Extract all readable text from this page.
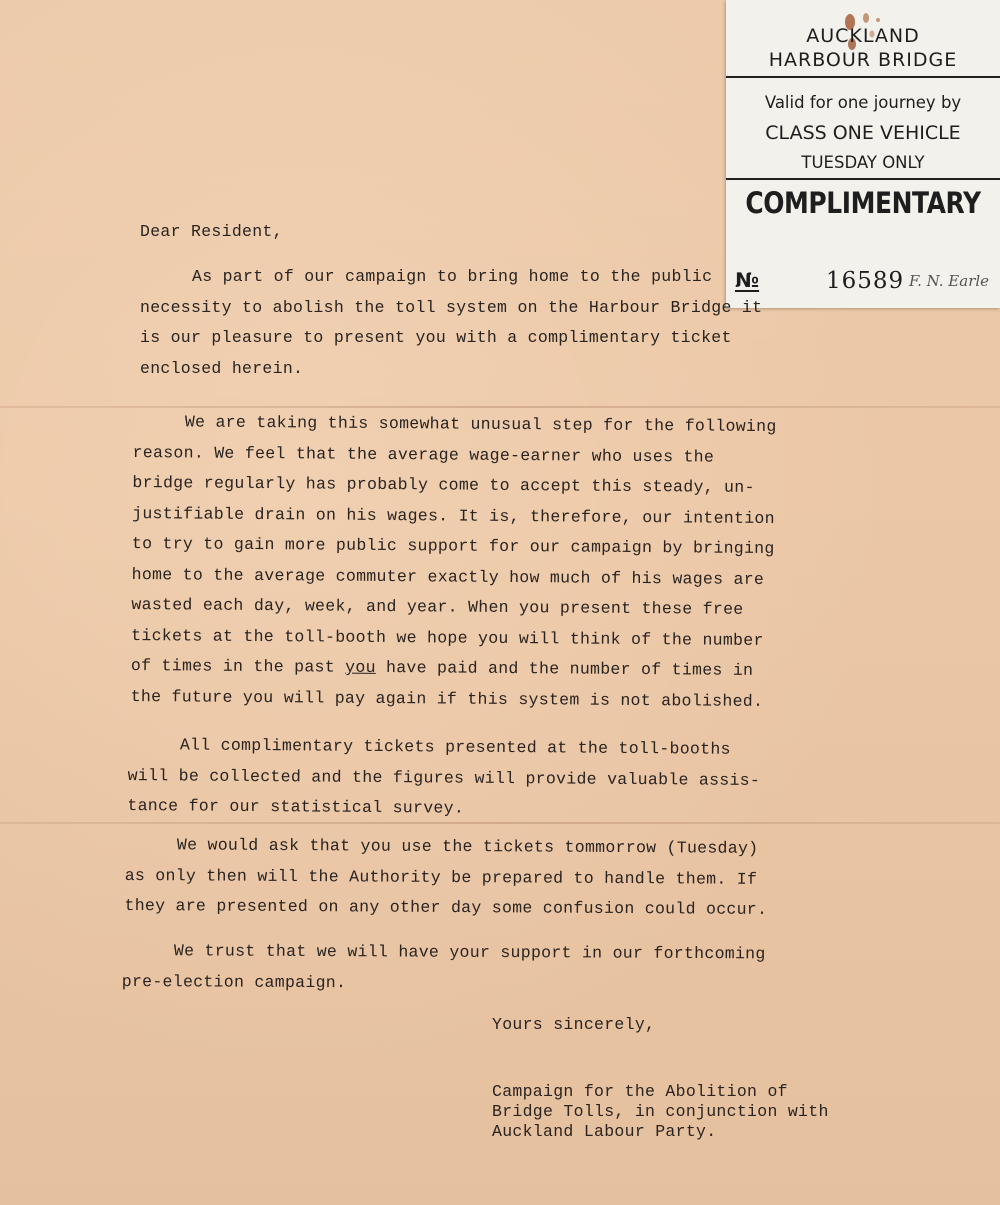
AUCKLAND
HARBOUR BRIDGE
Valid for one journey by
CLASS ONE VEHICLE
TUESDAY ONLY
COMPLIMENTARY
№	16589 F. N. Earle
Dear Resident,
As part of our campaign to bring home to the public
necessity to abolish the toll system on the Harbour Bridge it
is our pleasure to present you with a complimentary ticket
enclosed herein.
We are taking this somewhat unusual step for the following
reason. We feel that the average wage-earner who uses the
bridge regularly has probably come to accept this steady, un-
justifiable drain on his wages. It is, therefore, our intention
to try to gain more public support for our campaign by bringing
home to the average commuter exactly how much of his wages are
wasted each day, week, and year. When you present these free
tickets at the toll-booth we hope you will think of the number
of times in the past you have paid and the number of times in
the future you will pay again if this system is not abolished.
All complimentary tickets presented at the toll-booths
will be collected and the figures will provide valuable assis-
tance for our statistical survey.
We would ask that you use the tickets tommorrow (Tuesday)
as only then will the Authority be prepared to handle them. If
they are presented on any other day some confusion could occur.
We trust that we will have your support in our forthcoming
pre-election campaign.
Yours sincerely,
Campaign for the Abolition of
Bridge Tolls, in conjunction with
Auckland Labour Party.
